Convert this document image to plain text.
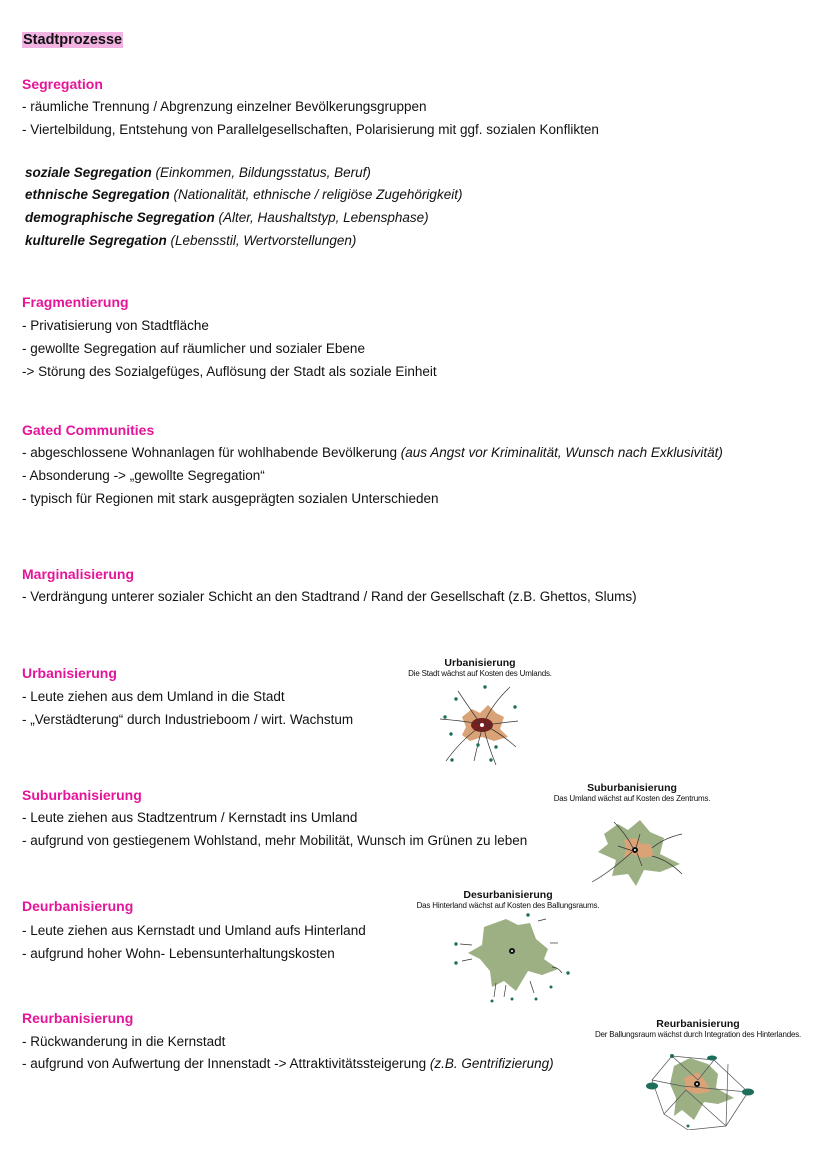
Stadtprozesse
Segregation
- räumliche Trennung / Abgrenzung einzelner Bevölkerungsgruppen
- Viertelbildung, Entstehung von Parallelgesellschaften, Polarisierung mit ggf. sozialen Konflikten
soziale Segregation (Einkommen, Bildungsstatus, Beruf)
ethnische Segregation (Nationalität, ethnische / religiöse Zugehörigkeit)
demographische Segregation (Alter, Haushaltstyp, Lebensphase)
kulturelle Segregation (Lebensstil, Wertvorstellungen)
Fragmentierung
- Privatisierung von Stadtfläche
- gewollte Segregation auf räumlicher und sozialer Ebene
-> Störung des Sozialgefüges, Auflösung der Stadt als soziale Einheit
Gated Communities
- abgeschlossene Wohnanlagen für wohlhabende Bevölkerung (aus Angst vor Kriminalität, Wunsch nach Exklusivität)
- Absonderung -> „gewollte Segregation“
- typisch für Regionen mit stark ausgeprägten sozialen Unterschieden
Marginalisierung
- Verdrängung unterer sozialer Schicht an den Stadtrand / Rand der Gesellschaft (z.B. Ghettos, Slums)
Urbanisierung
- Leute ziehen aus dem Umland in die Stadt
- „Verstädterung“ durch Industrieboom / wirt. Wachstum
Suburbanisierung
- Leute ziehen aus Stadtzentrum / Kernstadt ins Umland
- aufgrund von gestiegenem Wohlstand, mehr Mobilität, Wunsch im Grünen zu leben
Deurbanisierung
- Leute ziehen aus Kernstadt und Umland aufs Hinterland
- aufgrund hoher Wohn- Lebensunterhaltungskosten
Reurbanisierung
- Rückwanderung in die Kernstadt
- aufgrund von Aufwertung der Innenstadt -> Attraktivitätssteigerung (z.B. Gentrifizierung)
Urbanisierung
Die Stadt wächst auf Kosten des Umlands.
Suburbanisierung
Das Umland wächst auf Kosten des Zentrums.
Desurbanisierung
Das Hinterland wächst auf Kosten des Ballungsraums.
Reurbanisierung
Der Ballungsraum wächst durch Integration des Hinterlandes.
